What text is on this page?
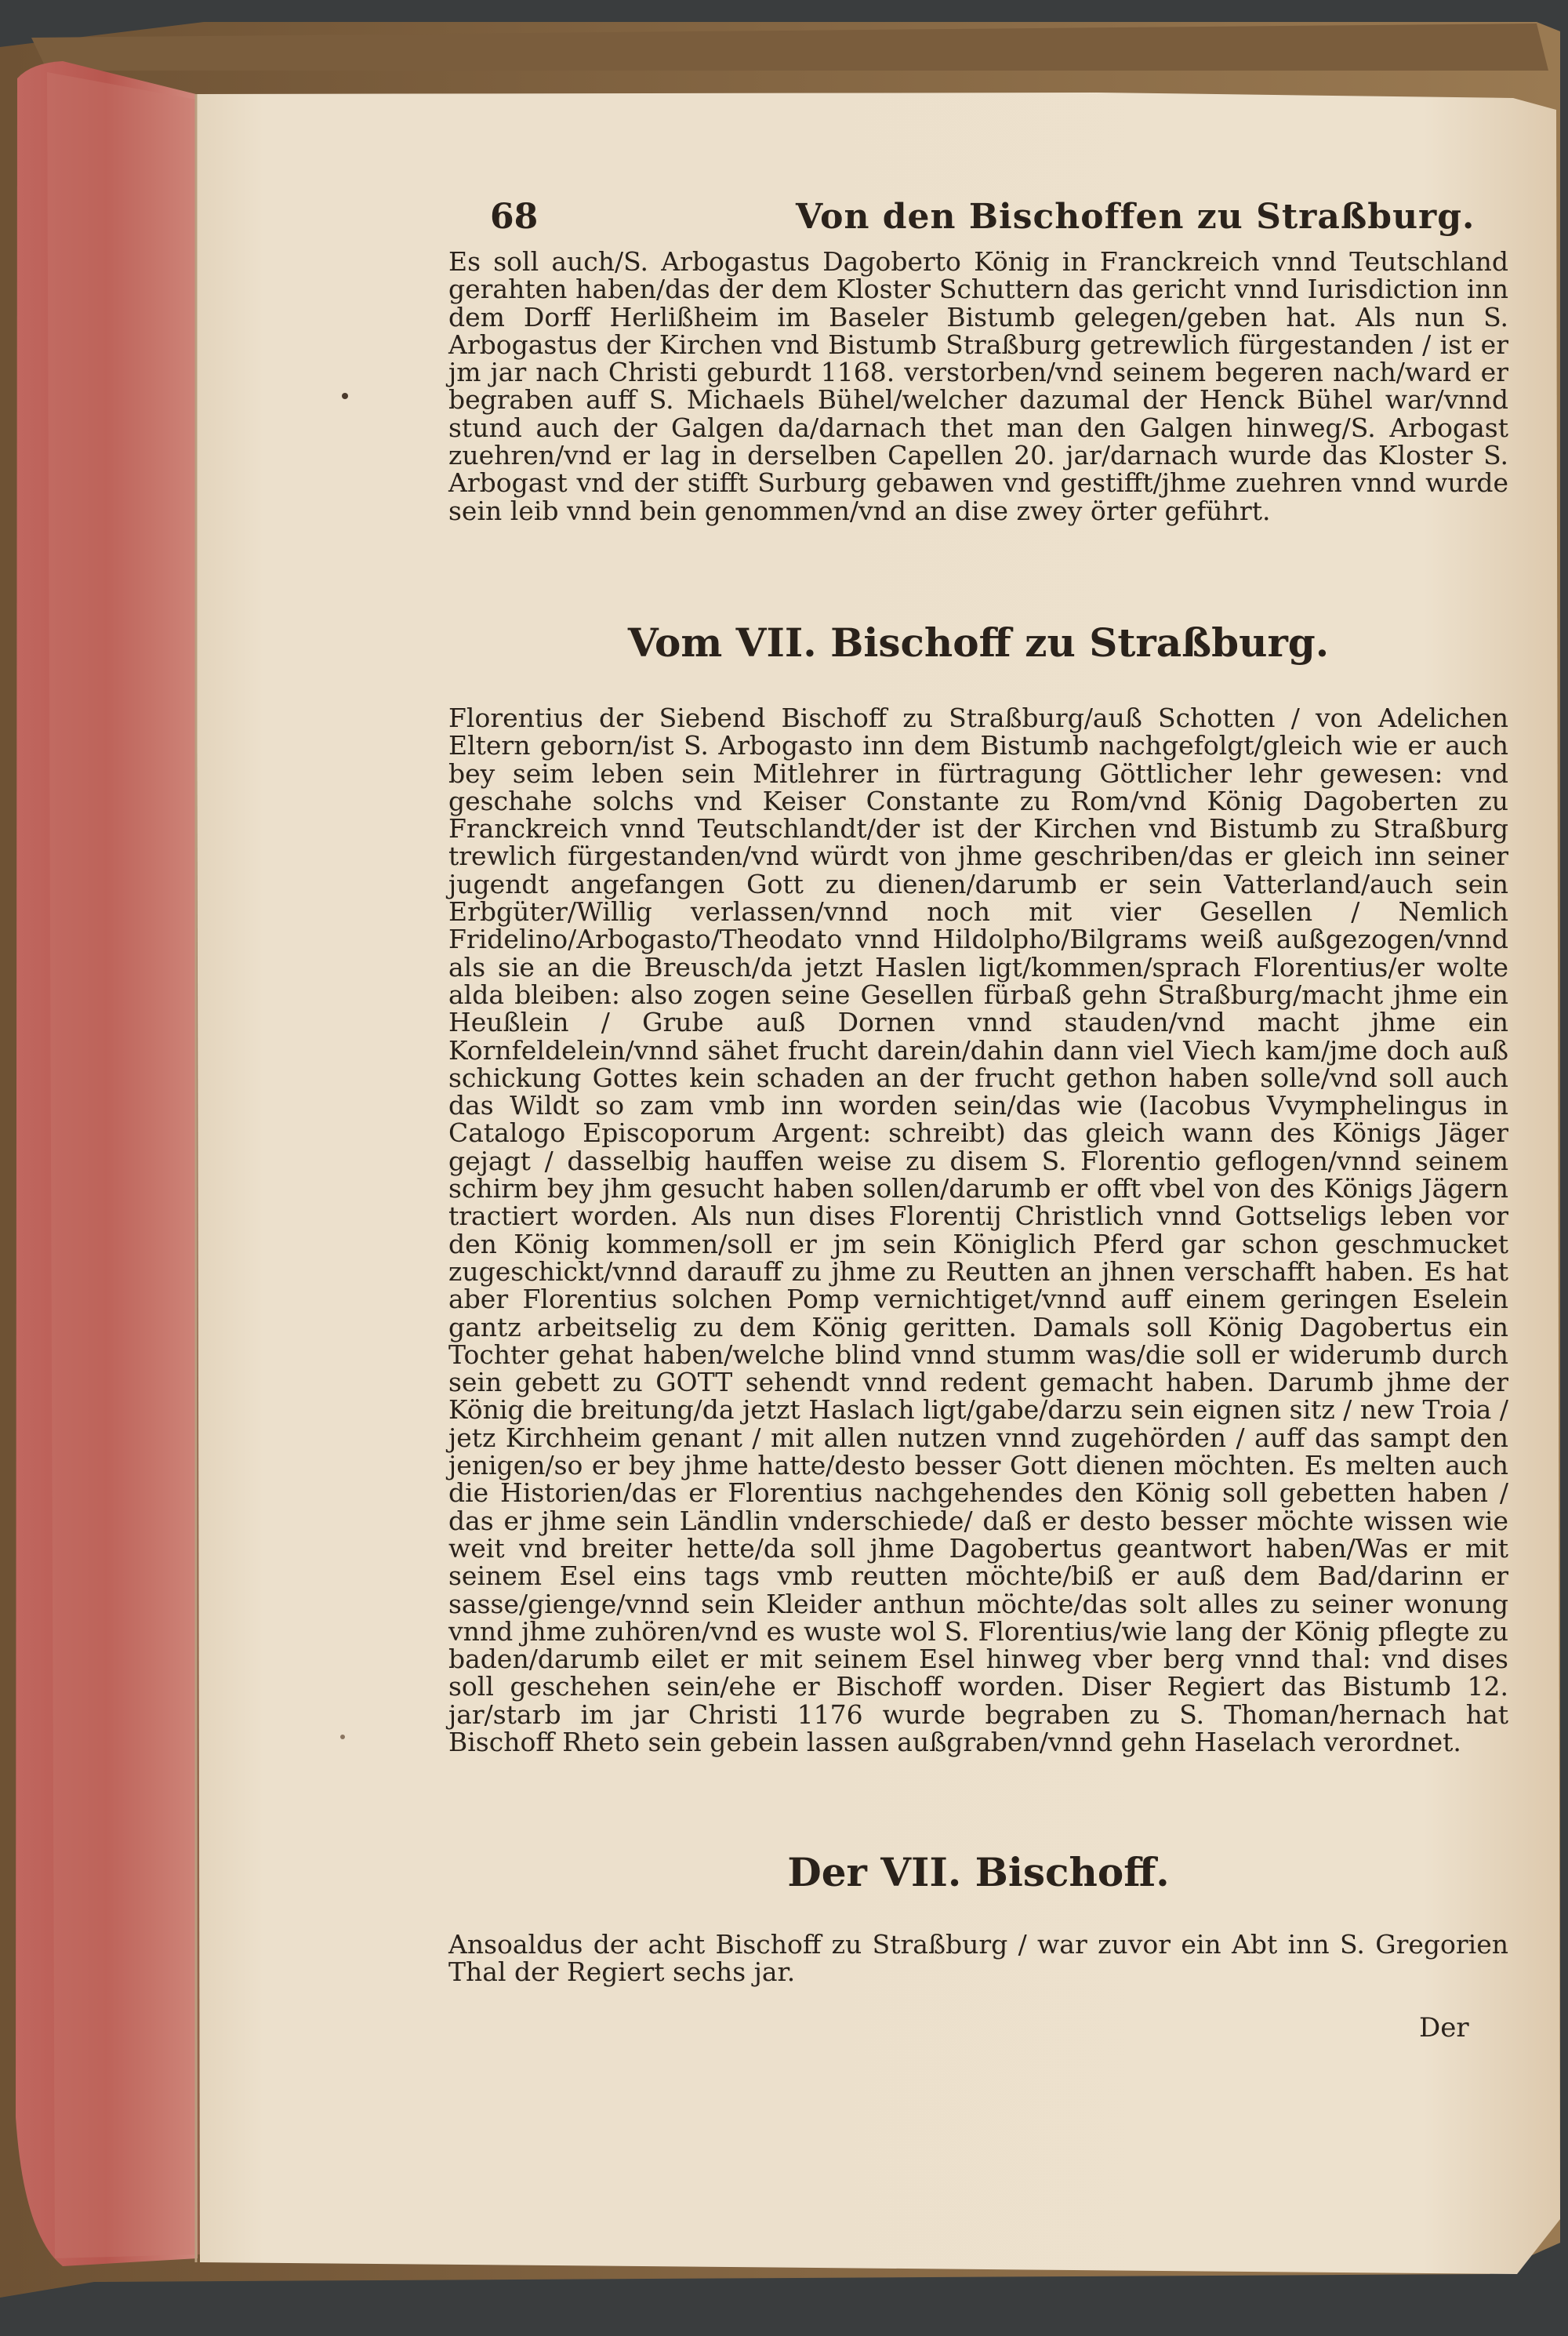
68	Von den Bischoffen zu Straßburg.

Es soll auch/S. Arbogastus Dagoberto König in Franckreich vnnd Teutschland gerahten haben/das der dem Kloster Schuttern das gericht vnnd Iurisdiction inn dem Dorff Herlißheim im Baseler Bistumb gelegen/geben hat. Als nun S. Arbogastus der Kirchen vnd Bistumb Straßburg getrewlich fürgestanden / ist er jm jar nach Christi geburdt 1168. verstorben/vnd seinem begeren nach/ward er begraben auff S. Michaels Bühel/welcher dazumal der Henck Bühel war/vnnd stund auch der Galgen da/darnach thet man den Galgen hinweg/S. Arbogast zuehren/vnd er lag in derselben Capellen 20. jar/darnach wurde das Kloster S. Arbogast vnd der stifft Surburg gebawen vnd gestifft/jhme zuehren vnnd wurde sein leib vnnd bein genommen/vnd an dise zwey örter geführt.

Vom VII. Bischoff zu Straßburg.

Florentius der Siebend Bischoff zu Straßburg/auß Schotten / von Adelichen Eltern geborn/ist S. Arbogasto inn dem Bistumb nachgefolgt/gleich wie er auch bey seim leben sein Mitlehrer in fürtragung Göttlicher lehr gewesen: vnd geschahe solchs vnd Keiser Constante zu Rom/vnd König Dagoberten zu Franckreich vnnd Teutschlandt/der ist der Kirchen vnd Bistumb zu Straßburg trewlich fürgestanden/vnd würdt von jhme geschriben/das er gleich inn seiner jugendt angefangen Gott zu dienen/darumb er sein Vatterland/auch sein Erbgüter/Willig verlassen/vnnd noch mit vier Gesellen / Nemlich Fridelino/Arbogasto/Theodato vnnd Hildolpho/Bilgrams weiß außgezogen/vnnd als sie an die Breusch/da jetzt Haslen ligt/kommen/sprach Florentius/er wolte alda bleiben: also zogen seine Gesellen fürbaß gehn Straßburg/macht jhme ein Heußlein / Grube auß Dornen vnnd stauden/vnd macht jhme ein Kornfeldelein/vnnd sähet frucht darein/dahin dann viel Viech kam/jme doch auß schickung Gottes kein schaden an der frucht gethon haben solle/vnd soll auch das Wildt so zam vmb inn worden sein/das wie (Iacobus Vvymphelingus in Catalogo Episcoporum Argent: schreibt) das gleich wann des Königs Jäger gejagt / dasselbig hauffen weise zu disem S. Florentio geflogen/vnnd seinem schirm bey jhm gesucht haben sollen/darumb er offt vbel von des Königs Jägern tractiert worden. Als nun dises Florentij Christlich vnnd Gottseligs leben vor den König kommen/soll er jm sein Königlich Pferd gar schon geschmucket zugeschickt/vnnd darauff zu jhme zu Reutten an jhnen verschafft haben. Es hat aber Florentius solchen Pomp vernichtiget/vnnd auff einem geringen Eselein gantz arbeitselig zu dem König geritten. Damals soll König Dagobertus ein Tochter gehat haben/welche blind vnnd stumm was/die soll er widerumb durch sein gebett zu GOTT sehendt vnnd redent gemacht haben. Darumb jhme der König die breitung/da jetzt Haslach ligt/gabe/darzu sein eignen sitz / new Troia / jetz Kirchheim genant / mit allen nutzen vnnd zugehörden / auff das sampt den jenigen/so er bey jhme hatte/desto besser Gott dienen möchten. Es melten auch die Historien/das er Florentius nachgehendes den König soll gebetten haben / das er jhme sein Ländlin vnderschiede/ daß er desto besser möchte wissen wie weit vnd breiter hette/da soll jhme Dagobertus geantwort haben/Was er mit seinem Esel eins tags vmb reutten möchte/biß er auß dem Bad/darinn er sasse/gienge/vnnd sein Kleider anthun möchte/das solt alles zu seiner wonung vnnd jhme zuhören/vnd es wuste wol S. Florentius/wie lang der König pflegte zu baden/darumb eilet er mit seinem Esel hinweg vber berg vnnd thal: vnd dises soll geschehen sein/ehe er Bischoff worden. Diser Regiert das Bistumb 12. jar/starb im jar Christi 1176 wurde begraben zu S. Thoman/hernach hat Bischoff Rheto sein gebein lassen außgraben/vnnd gehn Haselach verordnet.

Der VII. Bischoff.

Ansoaldus der acht Bischoff zu Straßburg / war zuvor ein Abt inn S. Gregorien Thal der Regiert sechs jar.

Der
